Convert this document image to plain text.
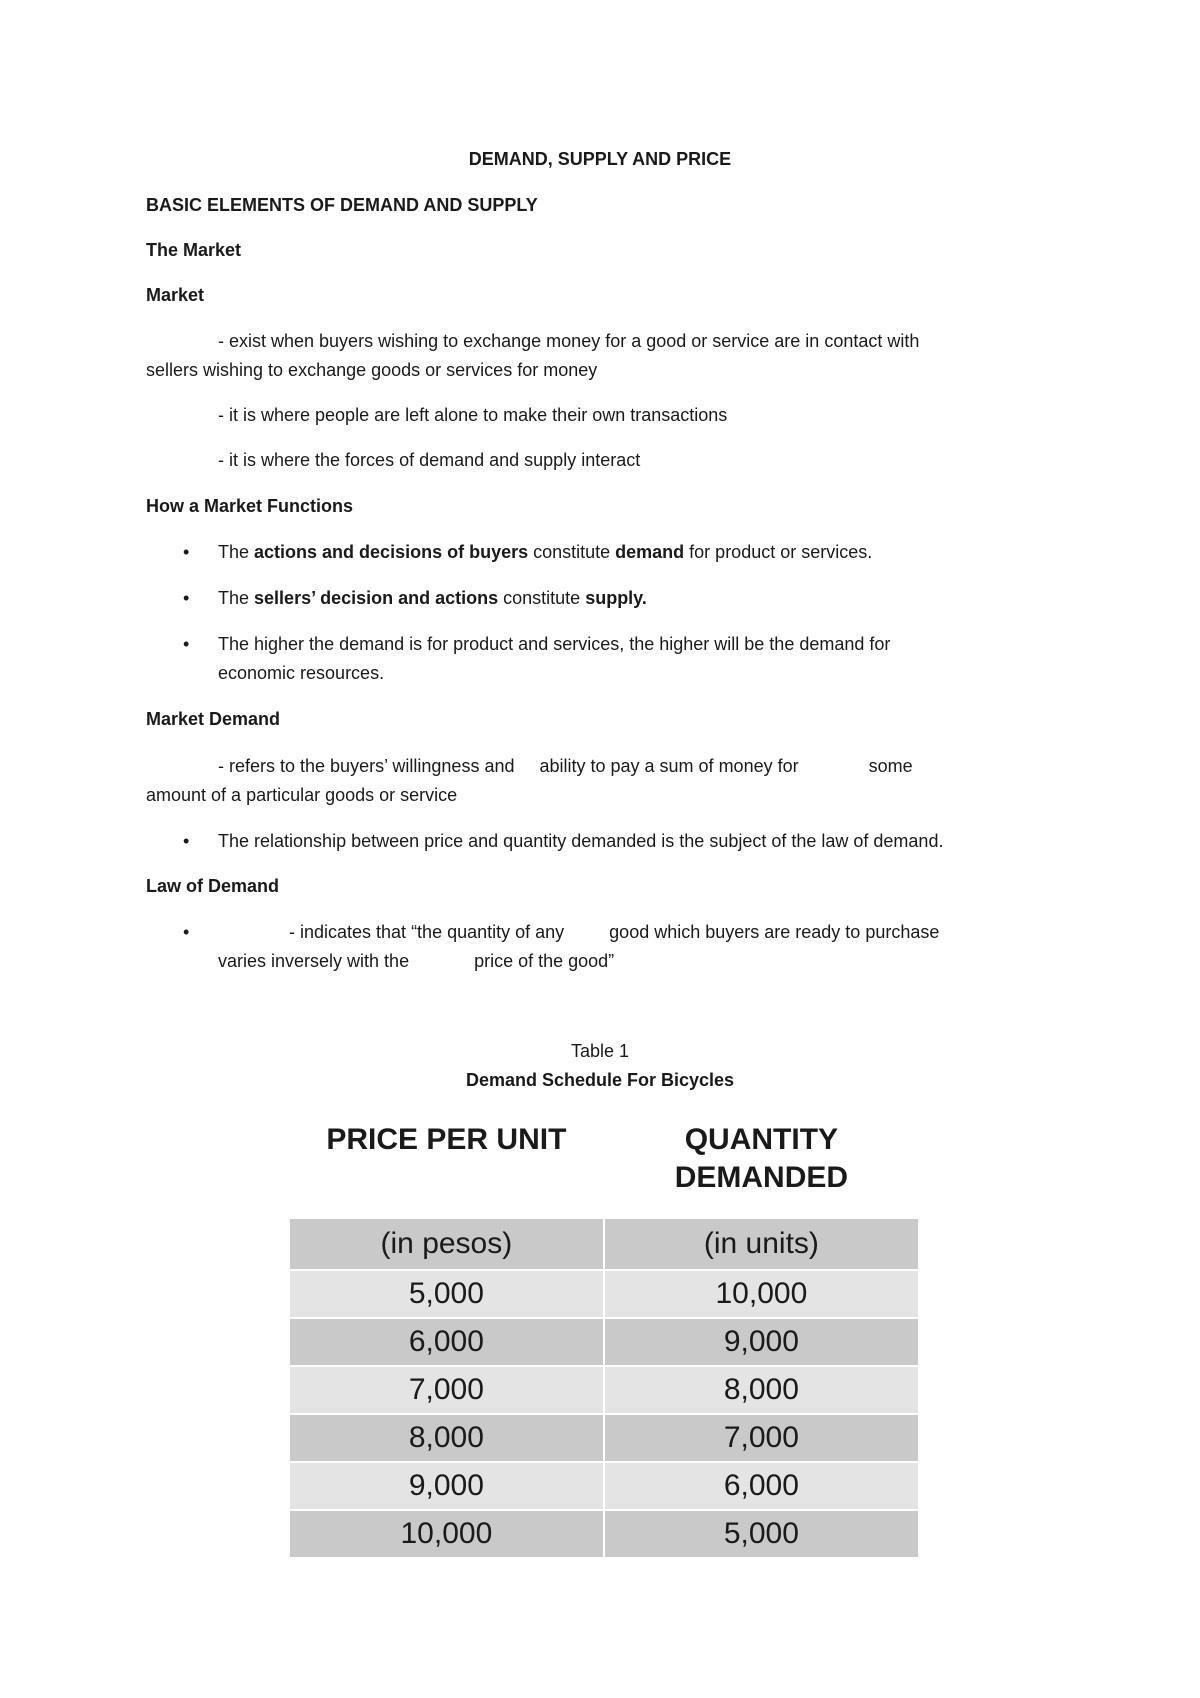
DEMAND, SUPPLY AND PRICE
BASIC ELEMENTS OF DEMAND AND SUPPLY
The Market
Market
- exist when buyers wishing to exchange money for a good or service are in contact with
sellers wishing to exchange goods or services for money
- it is where people are left alone to make their own transactions
- it is where the forces of demand and supply interact
How a Market Functions
• The actions and decisions of buyers constitute demand for product or services.
• The sellers’ decision and actions constitute supply.
• The higher the demand is for product and services, the higher will be the demand for
economic resources.
Market Demand
- refers to the buyers’ willingness and     ability to pay a sum of money for              some
amount of a particular goods or service
• The relationship between price and quantity demanded is the subject of the law of demand.
Law of Demand
•	- indicates that “the quantity of any         good which buyers are ready to purchase
varies inversely with the             price of the good”
Table 1
Demand Schedule For Bicycles
PRICE PER UNIT	QUANTITY
DEMANDED
(in pesos)	(in units)
5,000	10,000
6,000	9,000
7,000	8,000
8,000	7,000
9,000	6,000
10,000	5,000
